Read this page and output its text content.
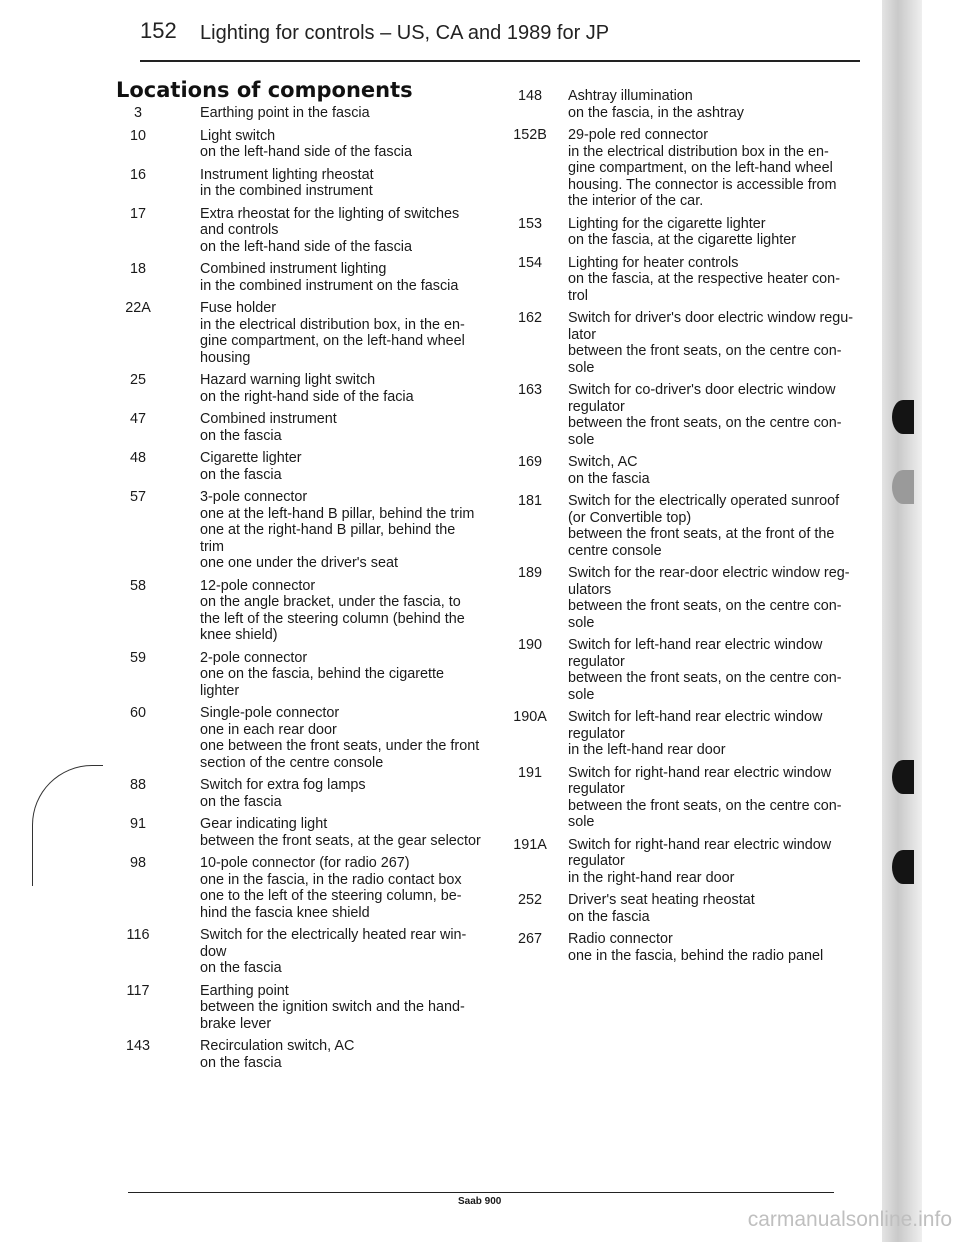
152 Lighting for controls – US, CA and 1989 for JP
Locations of components
3	Earthing point in the fascia
10	Light switch
on the left-hand side of the fascia
16	Instrument lighting rheostat
in the combined instrument
17	Extra rheostat for the lighting of switches
and controls
on the left-hand side of the fascia
18	Combined instrument lighting
in the combined instrument on the fascia
22A	Fuse holder
in the electrical distribution box, in the en-
gine compartment, on the left-hand wheel
housing
25	Hazard warning light switch
on the right-hand side of the facia
47	Combined instrument
on the fascia
48	Cigarette lighter
on the fascia
57	3-pole connector
one at the left-hand B pillar, behind the trim
one at the right-hand B pillar, behind the
trim
one one under the driver's seat
58	12-pole connector
on the angle bracket, under the fascia, to
the left of the steering column (behind the
knee shield)
59	2-pole connector
one on the fascia, behind the cigarette
lighter
60	Single-pole connector
one in each rear door
one between the front seats, under the front
section of the centre console
88	Switch for extra fog lamps
on the fascia
91	Gear indicating light
between the front seats, at the gear selector
98	10-pole connector (for radio 267)
one in the fascia, in the radio contact box
one to the left of the steering column, be-
hind the fascia knee shield
116	Switch for the electrically heated rear win-
dow
on the fascia
117	Earthing point
between the ignition switch and the hand-
brake lever
143	Recirculation switch, AC
on the fascia
148	Ashtray illumination
on the fascia, in the ashtray
152B	29-pole red connector
in the electrical distribution box in the en-
gine compartment, on the left-hand wheel
housing. The connector is accessible from
the interior of the car.
153	Lighting for the cigarette lighter
on the fascia, at the cigarette lighter
154	Lighting for heater controls
on the fascia, at the respective heater con-
trol
162	Switch for driver's door electric window regu-
lator
between the front seats, on the centre con-
sole
163	Switch for co-driver's door electric window
regulator
between the front seats, on the centre con-
sole
169	Switch, AC
on the fascia
181	Switch for the electrically operated sunroof
(or Convertible top)
between the front seats, at the front of the
centre console
189	Switch for the rear-door electric window reg-
ulators
between the front seats, on the centre con-
sole
190	Switch for left-hand rear electric window
regulator
between the front seats, on the centre con-
sole
190A	Switch for left-hand rear electric window
regulator
in the left-hand rear door
191	Switch for right-hand rear electric window
regulator
between the front seats, on the centre con-
sole
191A	Switch for right-hand rear electric window
regulator
in the right-hand rear door
252	Driver's seat heating rheostat
on the fascia
267	Radio connector
one in the fascia, behind the radio panel
Saab 900
carmanualsonline.info
